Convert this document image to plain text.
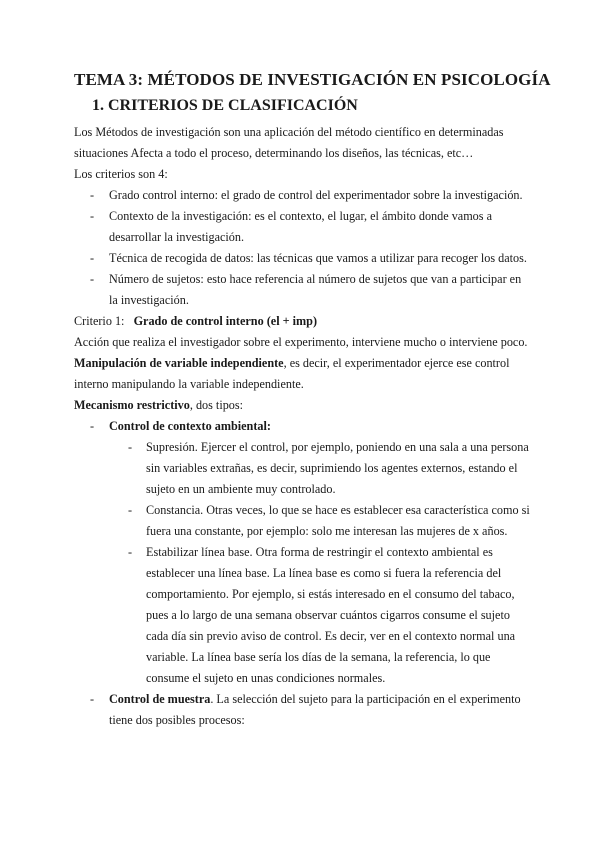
TEMA 3: MÉTODOS DE INVESTIGACIÓN EN PSICOLOGÍA
1. CRITERIOS DE CLASIFICACIÓN
Los Métodos de investigación son una aplicación del método científico en determinadas
situaciones Afecta a todo el proceso, determinando los diseños, las técnicas, etc…
Los criterios son 4:
- Grado control interno: el grado de control del experimentador sobre la investigación.
- Contexto de la investigación: es el contexto, el lugar, el ámbito donde vamos a
desarrollar la investigación.
- Técnica de recogida de datos: las técnicas que vamos a utilizar para recoger los datos.
- Número de sujetos: esto hace referencia al número de sujetos que van a participar en
la investigación.
Criterio 1:   Grado de control interno (el + imp)
Acción que realiza el investigador sobre el experimento, interviene mucho o interviene poco.
Manipulación de variable independiente, es decir, el experimentador ejerce ese control
interno manipulando la variable independiente.
Mecanismo restrictivo, dos tipos:
- Control de contexto ambiental:
- Supresión. Ejercer el control, por ejemplo, poniendo en una sala a una persona
sin variables extrañas, es decir, suprimiendo los agentes externos, estando el
sujeto en un ambiente muy controlado.
- Constancia. Otras veces, lo que se hace es establecer esa característica como si
fuera una constante, por ejemplo: solo me interesan las mujeres de x años.
- Estabilizar línea base. Otra forma de restringir el contexto ambiental es
establecer una línea base. La línea base es como si fuera la referencia del
comportamiento. Por ejemplo, si estás interesado en el consumo del tabaco,
pues a lo largo de una semana observar cuántos cigarros consume el sujeto
cada día sin previo aviso de control. Es decir, ver en el contexto normal una
variable. La línea base sería los días de la semana, la referencia, lo que
consume el sujeto en unas condiciones normales.
- Control de muestra. La selección del sujeto para la participación en el experimento
tiene dos posibles procesos:
